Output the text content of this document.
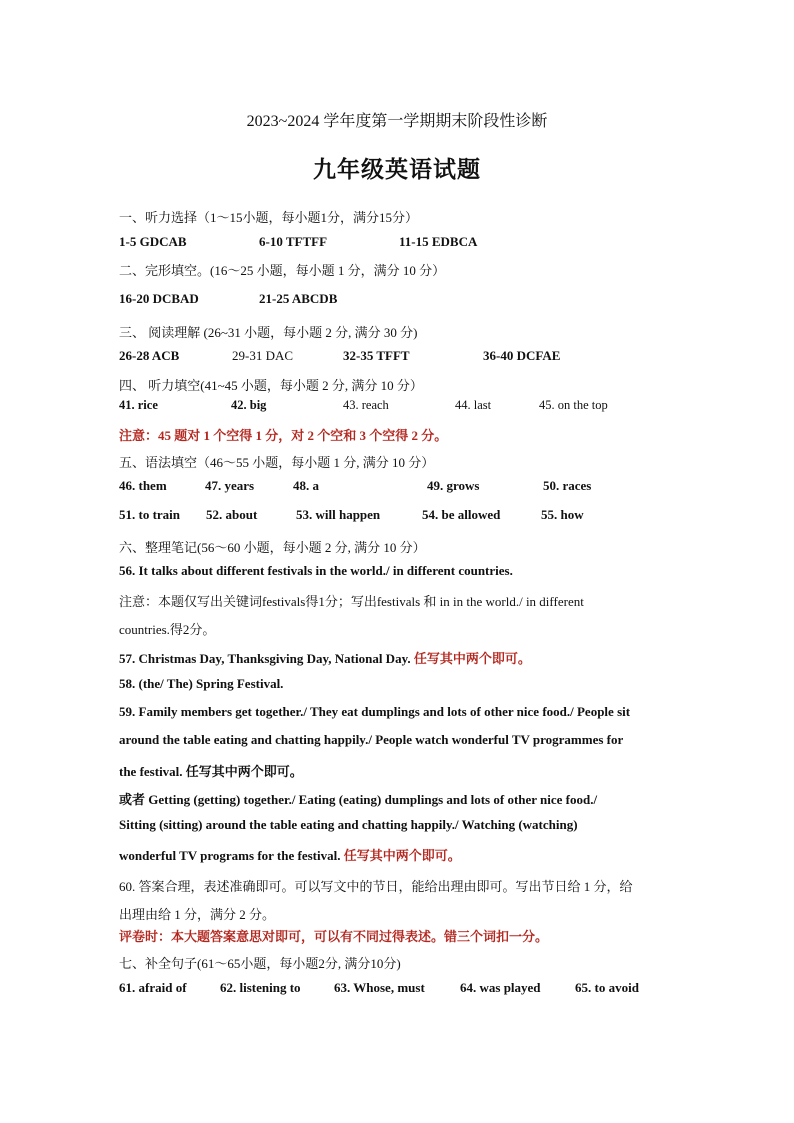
2023~2024 学年度第一学期期末阶段性诊断
九年级英语试题
一、听力选择（1～15小题，每小题1分，满分15分）
1-5 GDCAB	6-10 TFTFF	11-15 EDBCA
二、完形填空。(16～25 小题，每小题 1 分，满分 10 分）
16-20 DCBAD	21-25 ABCDB
三、 阅读理解 (26~31 小题，每小题 2 分, 满分 30 分)
26-28 ACB	29-31 DAC	32-35 TFFT	36-40 DCFAE
四、 听力填空(41~45 小题，每小题 2 分, 满分 10 分）
41. rice	42. big	43. reach	44. last	45. on the top
注意：45 题对 1 个空得 1 分，对 2 个空和 3 个空得 2 分。
五、语法填空（46～55 小题，每小题 1 分, 满分 10 分）
46. them	47. years	48. a	49. grows	50. races
51. to train 52. about	53. will happen	54. be allowed	55. how
六、整理笔记(56～60 小题，每小题 2 分, 满分 10 分）
56. It talks about different festivals in the world./ in different countries.
注意：本题仅写出关键词festivals得1分；写出festivals 和 in in the world./ in different
countries.得2分。
57. Christmas Day, Thanksgiving Day, National Day. 任写其中两个即可。
58. (the/ The) Spring Festival.
59. Family members get together./ They eat dumplings and lots of other nice food./ People sit
around the table eating and chatting happily./ People watch wonderful TV programmes for
the festival. 任写其中两个即可。
或者 Getting (getting) together./ Eating (eating) dumplings and lots of other nice food./
Sitting (sitting) around the table eating and chatting happily./ Watching (watching)
wonderful TV programs for the festival. 任写其中两个即可。
60. 答案合理，表述准确即可。可以写文中的节日，能给出理由即可。写出节日给 1 分，给
出理由给 1 分，满分 2 分。
评卷时：本大题答案意思对即可，可以有不同过得表述。错三个词扣一分。
七、补全句子(61～65小题，每小题2分, 满分10分)
61. afraid of	62. listening to	63. Whose, must	64. was played	65. to avoid
